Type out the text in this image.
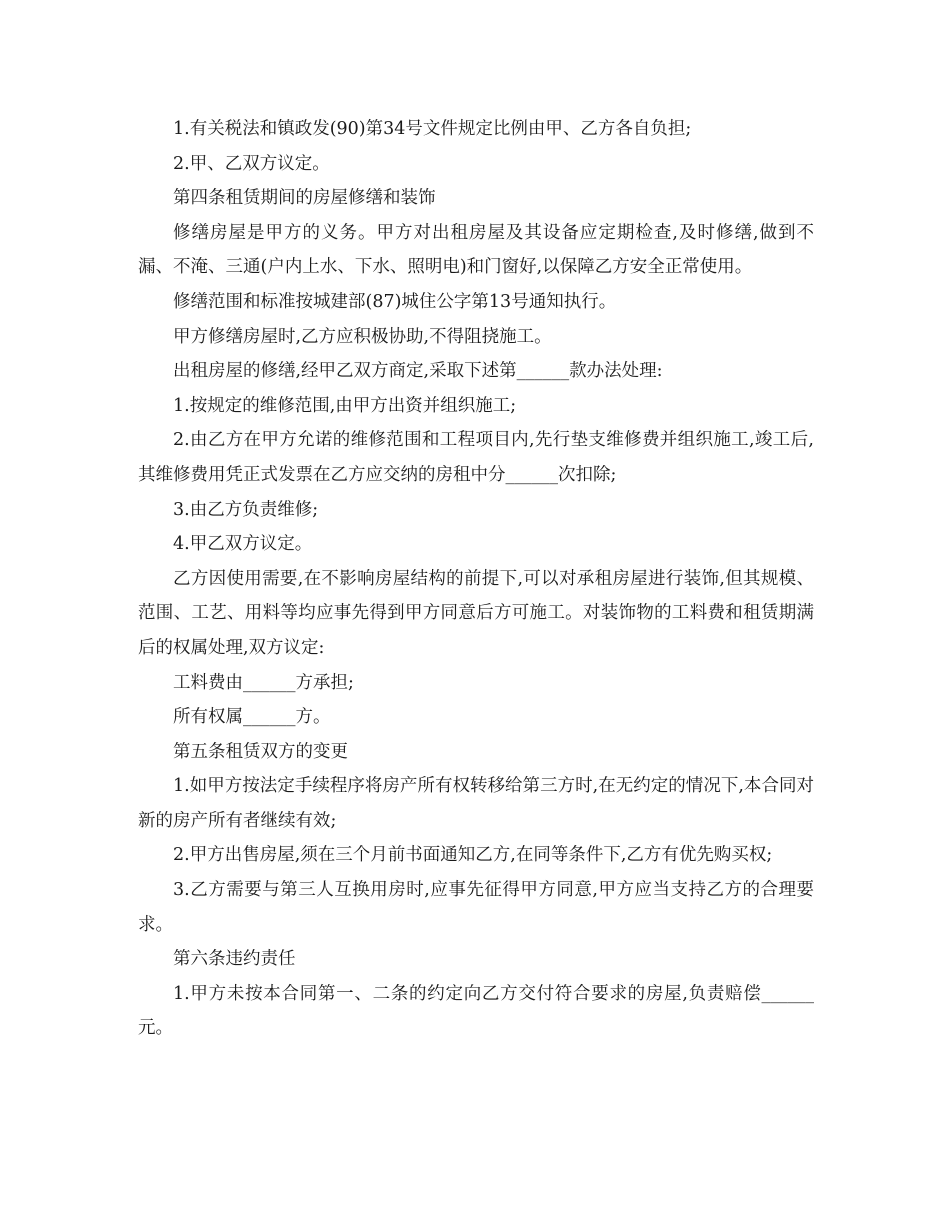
1.有关税法和镇政发(90)第34号文件规定比例由甲、乙方各自负担;

2.甲、乙双方议定。

第四条租赁期间的房屋修缮和装饰

修缮房屋是甲方的义务。甲方对出租房屋及其设备应定期检查,及时修缮,做到不漏、不淹、三通(户内上水、下水、照明电)和门窗好,以保障乙方安全正常使用。

修缮范围和标准按城建部(87)城住公字第13号通知执行。

甲方修缮房屋时,乙方应积极协助,不得阻挠施工。

出租房屋的修缮,经甲乙双方商定,采取下述第______款办法处理:

1.按规定的维修范围,由甲方出资并组织施工;

2.由乙方在甲方允诺的维修范围和工程项目内,先行垫支维修费并组织施工,竣工后,其维修费用凭正式发票在乙方应交纳的房租中分______次扣除;

3.由乙方负责维修;

4.甲乙双方议定。

乙方因使用需要,在不影响房屋结构的前提下,可以对承租房屋进行装饰,但其规模、范围、工艺、用料等均应事先得到甲方同意后方可施工。对装饰物的工料费和租赁期满后的权属处理,双方议定:

工料费由______方承担;

所有权属______方。

第五条租赁双方的变更

1.如甲方按法定手续程序将房产所有权转移给第三方时,在无约定的情况下,本合同对新的房产所有者继续有效;

2.甲方出售房屋,须在三个月前书面通知乙方,在同等条件下,乙方有优先购买权;

3.乙方需要与第三人互换用房时,应事先征得甲方同意,甲方应当支持乙方的合理要求。

第六条违约责任

1.甲方未按本合同第一、二条的约定向乙方交付符合要求的房屋,负责赔偿______元。
